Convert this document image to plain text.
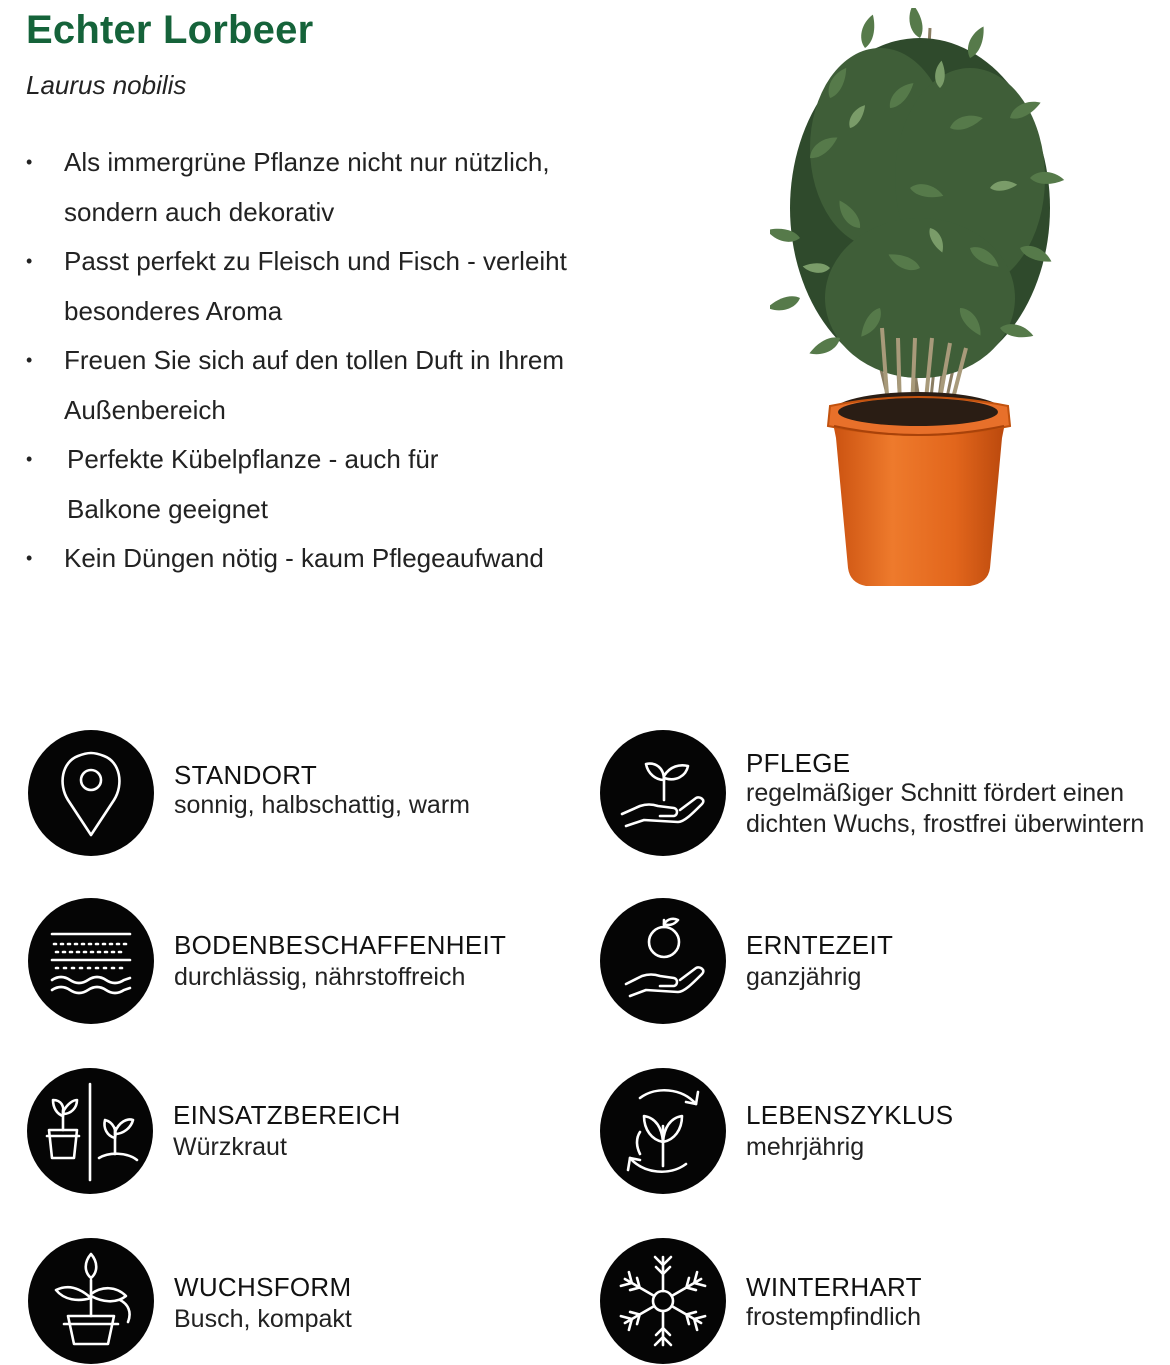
Echter Lorbeer

Laurus nobilis

• Als immergrüne Pflanze nicht nur nützlich,
sondern auch dekorativ
• Passt perfekt zu Fleisch und Fisch - verleiht
besonderes Aroma
• Freuen Sie sich auf den tollen Duft in Ihrem
Außenbereich
• Perfekte Kübelpflanze - auch für
Balkone geeignet
• Kein Düngen nötig - kaum Pflegeaufwand
STANDORT
sonnig, halbschattig, warm
PFLEGE
regelmäßiger Schnitt fördert einen
dichten Wuchs, frostfrei überwintern
BODENBESCHAFFENHEIT
durchlässig, nährstoffreich
ERNTEZEIT
ganzjährig
EINSATZBEREICH
Würzkraut
LEBENSZYKLUS
mehrjährig
WUCHSFORM
Busch, kompakt
WINTERHART
frostempfindlich
